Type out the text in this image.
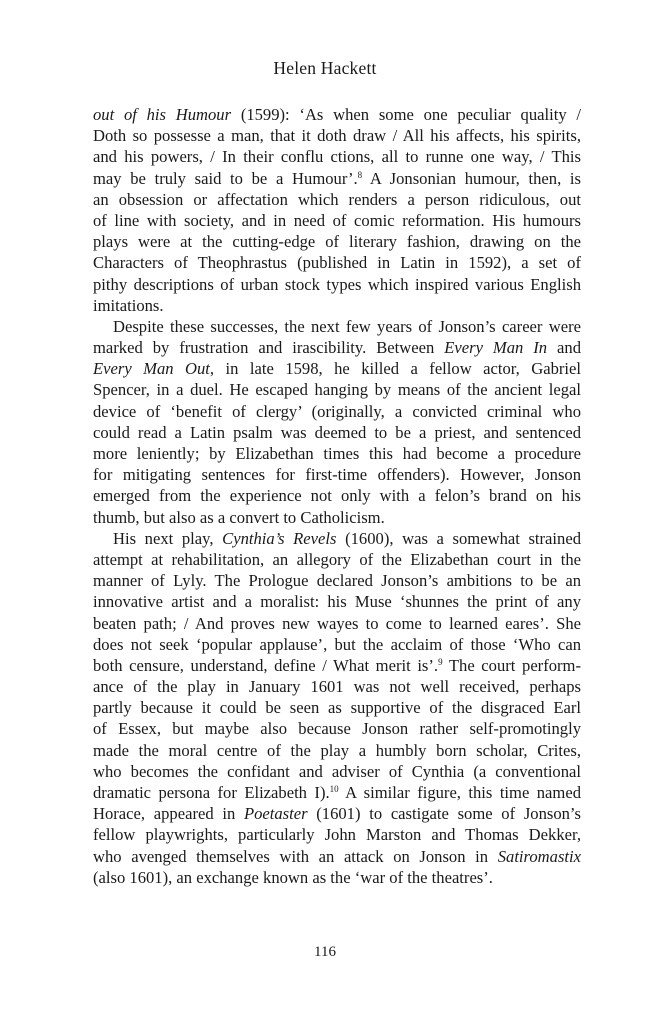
Helen Hackett
out of his Humour (1599): ‘As when some one peculiar quality /
Doth so possesse a man, that it doth draw / All his affects, his spirits,
and his powers, / In their conflu ctions, all to runne one way, / This
may be truly said to be a Humour’.$^8$ A Jonsonian humour, then, is
an obsession or affectation which renders a person ridiculous, out
of line with society, and in need of comic reformation. His humours
plays were at the cutting-edge of literary fashion, drawing on the
Characters of Theophrastus (published in Latin in 1592), a set of
pithy descriptions of urban stock types which inspired various English
imitations.
Despite these successes, the next few years of Jonson’s career were
marked by frustration and irascibility. Between Every Man In and
Every Man Out, in late 1598, he killed a fellow actor, Gabriel
Spencer, in a duel. He escaped hanging by means of the ancient legal
device of ‘benefit of clergy’ (originally, a convicted criminal who
could read a Latin psalm was deemed to be a priest, and sentenced
more leniently; by Elizabethan times this had become a procedure
for mitigating sentences for first-time offenders). However, Jonson
emerged from the experience not only with a felon’s brand on his
thumb, but also as a convert to Catholicism.
His next play, Cynthia’s Revels (1600), was a somewhat strained
attempt at rehabilitation, an allegory of the Elizabethan court in the
manner of Lyly. The Prologue declared Jonson’s ambitions to be an
innovative artist and a moralist: his Muse ‘shunnes the print of any
beaten path; / And proves new wayes to come to learned eares’. She
does not seek ‘popular applause’, but the acclaim of those ‘Who can
both censure, understand, define / What merit is’.$^9$ The court perform-
ance of the play in January 1601 was not well received, perhaps
partly because it could be seen as supportive of the disgraced Earl
of Essex, but maybe also because Jonson rather self-promotingly
made the moral centre of the play a humbly born scholar, Crites,
who becomes the confidant and adviser of Cynthia (a conventional
dramatic persona for Elizabeth I).$^{10}$ A similar figure, this time named
Horace, appeared in Poetaster (1601) to castigate some of Jonson’s
fellow playwrights, particularly John Marston and Thomas Dekker,
who avenged themselves with an attack on Jonson in Satiromastix
(also 1601), an exchange known as the ‘war of the theatres’.
116
